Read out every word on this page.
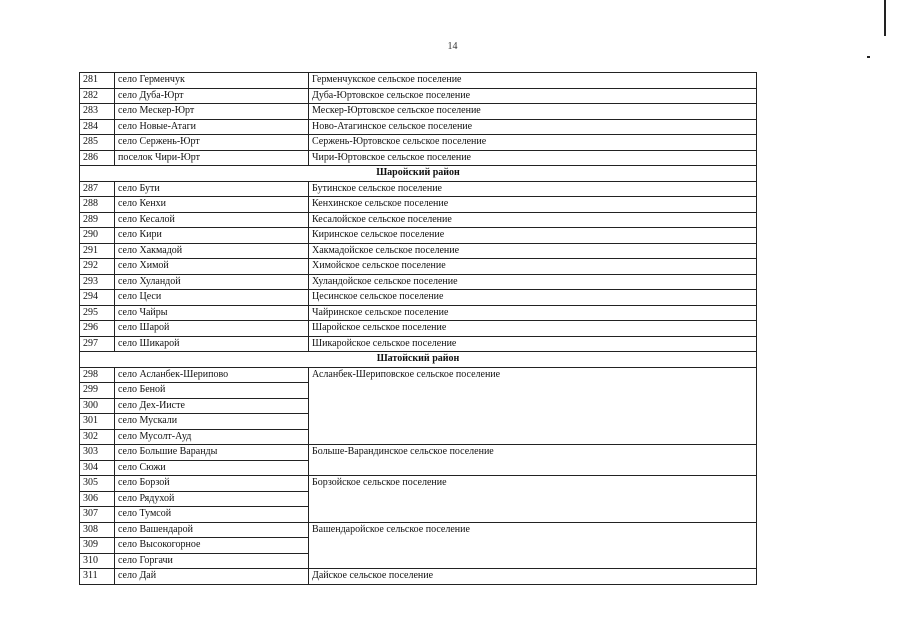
14
281	село Герменчук	Герменчукское сельское поселение
282	село Дуба-Юрт	Дуба-Юртовское сельское поселение
283	село Мескер-Юрт	Мескер-Юртовское сельское поселение
284	село Новые-Атаги	Ново-Атагинское сельское поселение
285	село Сержень-Юрт	Сержень-Юртовское сельское поселение
286	поселок Чири-Юрт	Чири-Юртовское сельское поселение
Шаройский район		
287	село Бути	Бутинское сельское поселение
288	село Кенхи	Кенхинское сельское поселение
289	село Кесалой	Кесалойское сельское поселение
290	село Кири	Киринское сельское поселение
291	село Хакмадой	Хакмадойское сельское поселение
292	село Химой	Химойское сельское поселение
293	село Хуландой	Хуландойское сельское поселение
294	село Цеси	Цесинское сельское поселение
295	село Чайры	Чайринское сельское поселение
296	село Шарой	Шаройское сельское поселение
297	село Шикарой	Шикаройское сельское поселение
Шатойский район		
298	село Асланбек-Шерипово	Асланбек-Шериповское сельское поселение
299	село Беной	
300	село Дех-Иисте	
301	село Мускали	
302	село Мусолт-Ауд	
303	село Большие Варанды	Больше-Варандинское сельское поселение
304	село Сюжи	
305	село Борзой	Борзойское сельское поселение
306	село Рядухой	
307	село Тумсой	
308	село Вашендарой	Вашендаройское сельское поселение
309	село Высокогорное	
310	село Горгачи	
311	село Дай	Дайское сельское поселение
